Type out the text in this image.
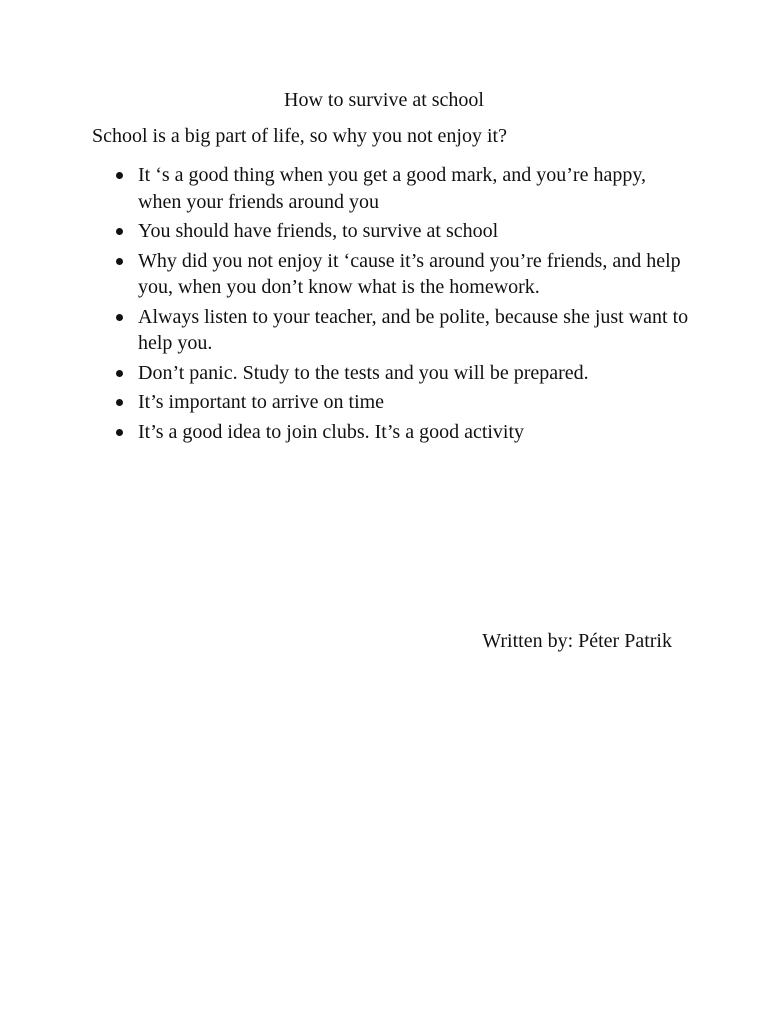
How to survive at school

School is a big part of life, so why you not enjoy it?

It ‘s a good thing when you get a good mark, and you’re happy, when your friends around you
You should have friends, to survive at school
Why did you not enjoy it ‘cause it’s around you’re friends, and help you, when you don’t know what is the homework.
Always listen to your teacher, and be polite, because she just want to help you.
Don’t panic. Study to the tests and you will be prepared.
It’s important to arrive on time
It’s a good idea to join clubs. It’s a good activity

Written by: Péter Patrik
